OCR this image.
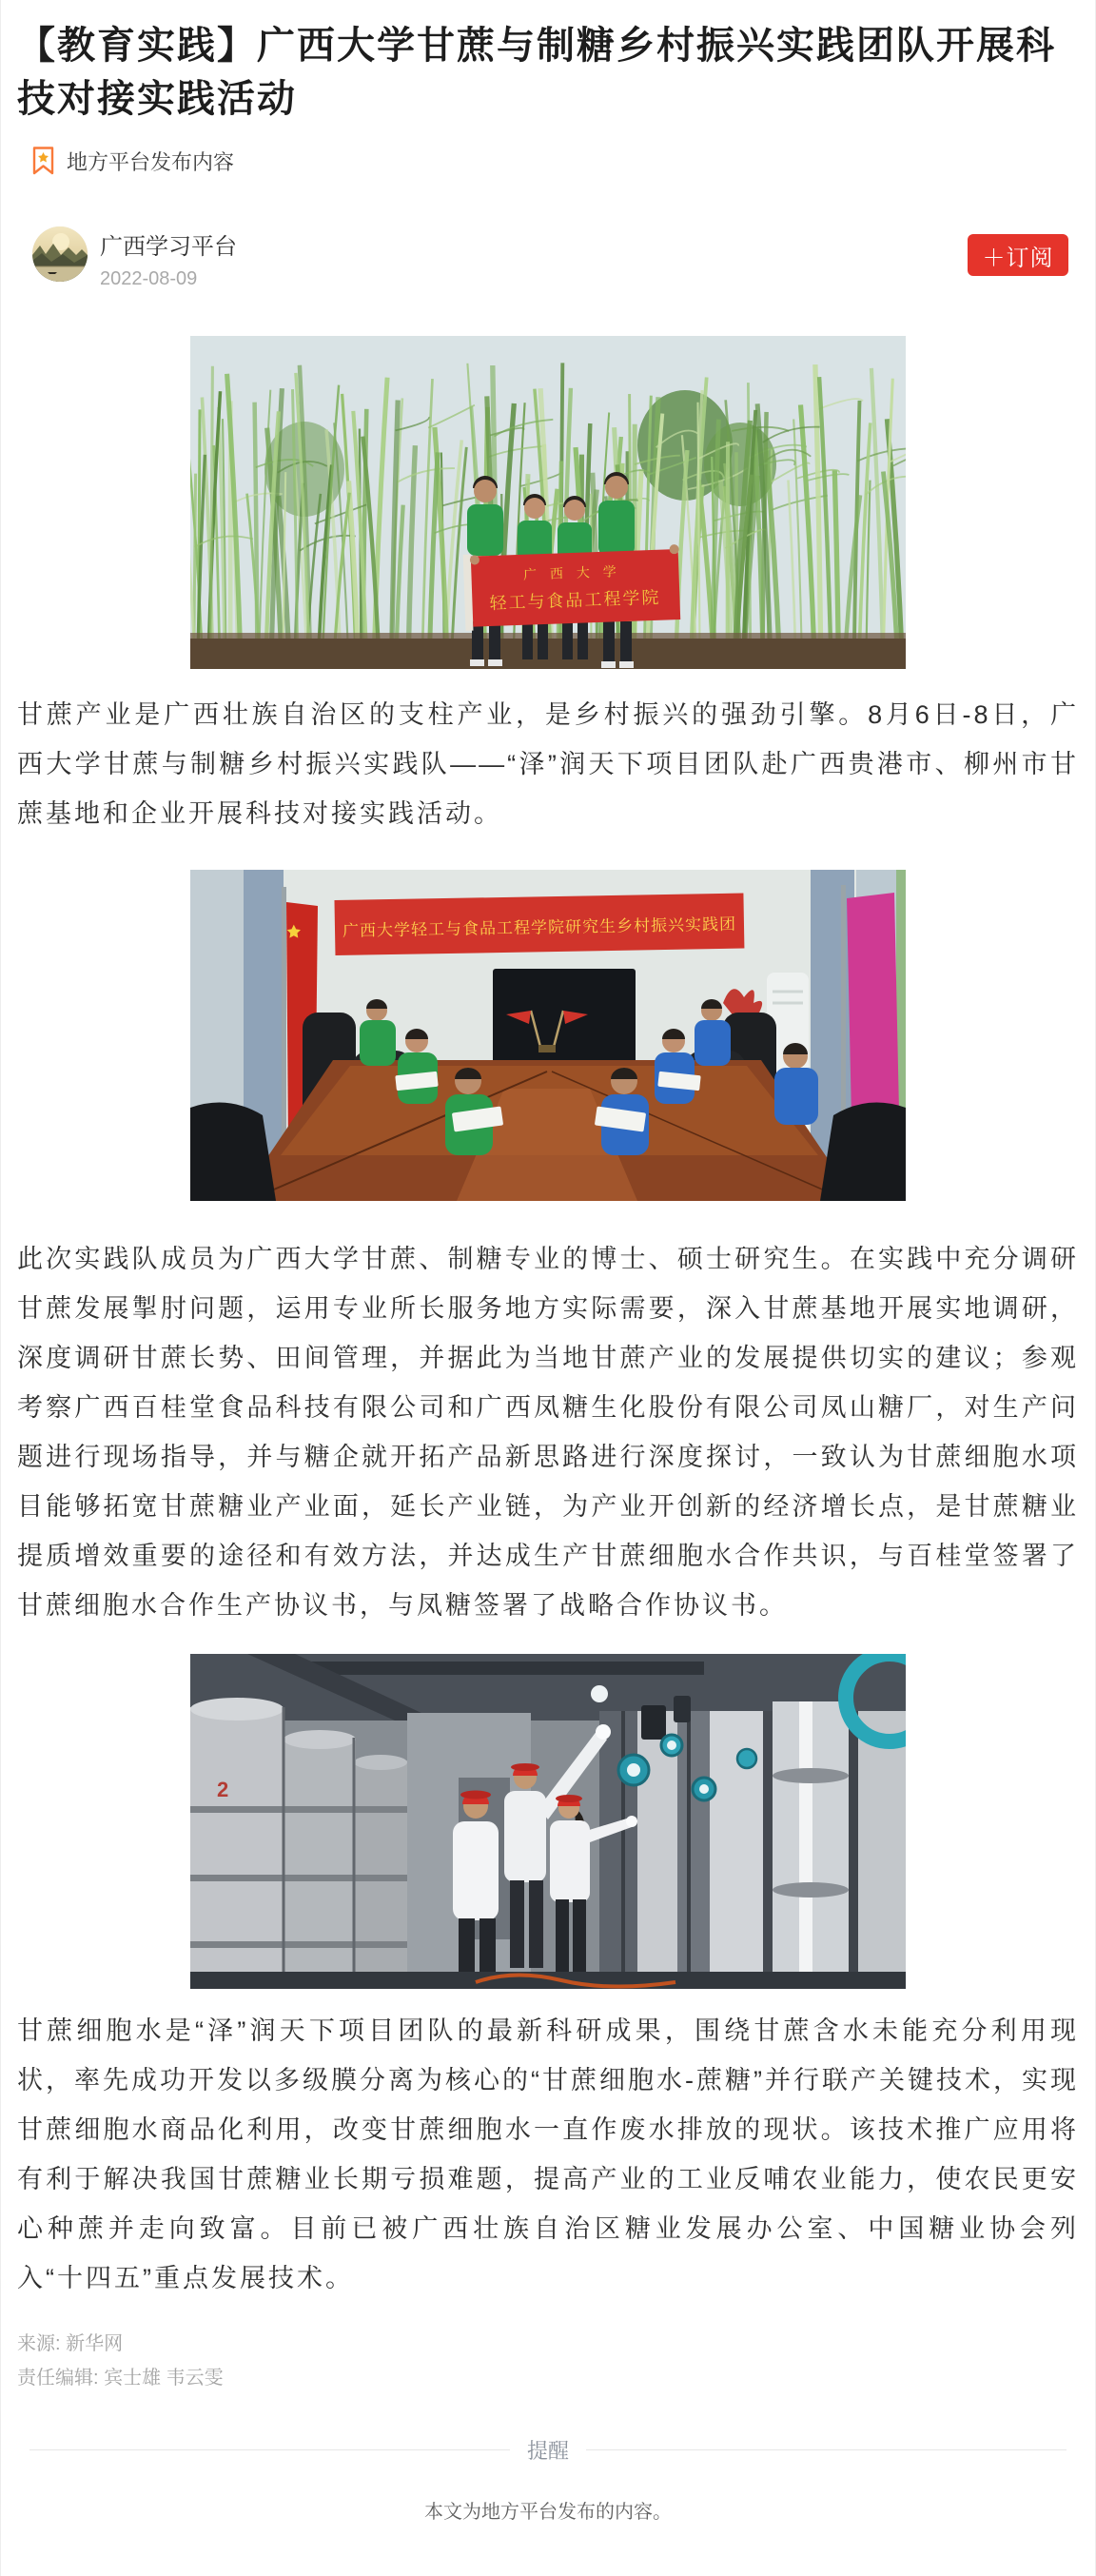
【教育实践】广西大学甘蔗与制糖乡村振兴实践团队开展科技对接实践活动
地方平台发布内容
广西学习平台
2022-08-09
＋订阅
广 西 大 学
轻工与食品工程学院

甘蔗产业是广西壮族自治区的支柱产业，是乡村振兴的强劲引擎。8月6日-8日，广西大学甘蔗与制糖乡村振兴实践队——“泽”润天下项目团队赴广西贵港市、柳州市甘蔗基地和企业开展科技对接实践活动。

广西大学轻工与食品工程学院研究生乡村振兴实践团

此次实践队成员为广西大学甘蔗、制糖专业的博士、硕士研究生。在实践中充分调研甘蔗发展掣肘问题，运用专业所长服务地方实际需要，深入甘蔗基地开展实地调研，深度调研甘蔗长势、田间管理，并据此为当地甘蔗产业的发展提供切实的建议；参观考察广西百桂堂食品科技有限公司和广西凤糖生化股份有限公司凤山糖厂，对生产问题进行现场指导，并与糖企就开拓产品新思路进行深度探讨，一致认为甘蔗细胞水项目能够拓宽甘蔗糖业产业面，延长产业链，为产业开创新的经济增长点，是甘蔗糖业提质增效重要的途径和有效方法，并达成生产甘蔗细胞水合作共识，与百桂堂签署了甘蔗细胞水合作生产协议书，与凤糖签署了战略合作协议书。

2

甘蔗细胞水是“泽”润天下项目团队的最新科研成果，围绕甘蔗含水未能充分利用现状，率先成功开发以多级膜分离为核心的“甘蔗细胞水-蔗糖”并行联产关键技术，实现甘蔗细胞水商品化利用，改变甘蔗细胞水一直作废水排放的现状。该技术推广应用将有利于解决我国甘蔗糖业长期亏损难题，提高产业的工业反哺农业能力，使农民更安心种蔗并走向致富。目前已被广西壮族自治区糖业发展办公室、中国糖业协会列入“十四五”重点发展技术。

来源: 新华网
责任编辑: 宾士雄 韦云雯
提醒
本文为地方平台发布的内容。
